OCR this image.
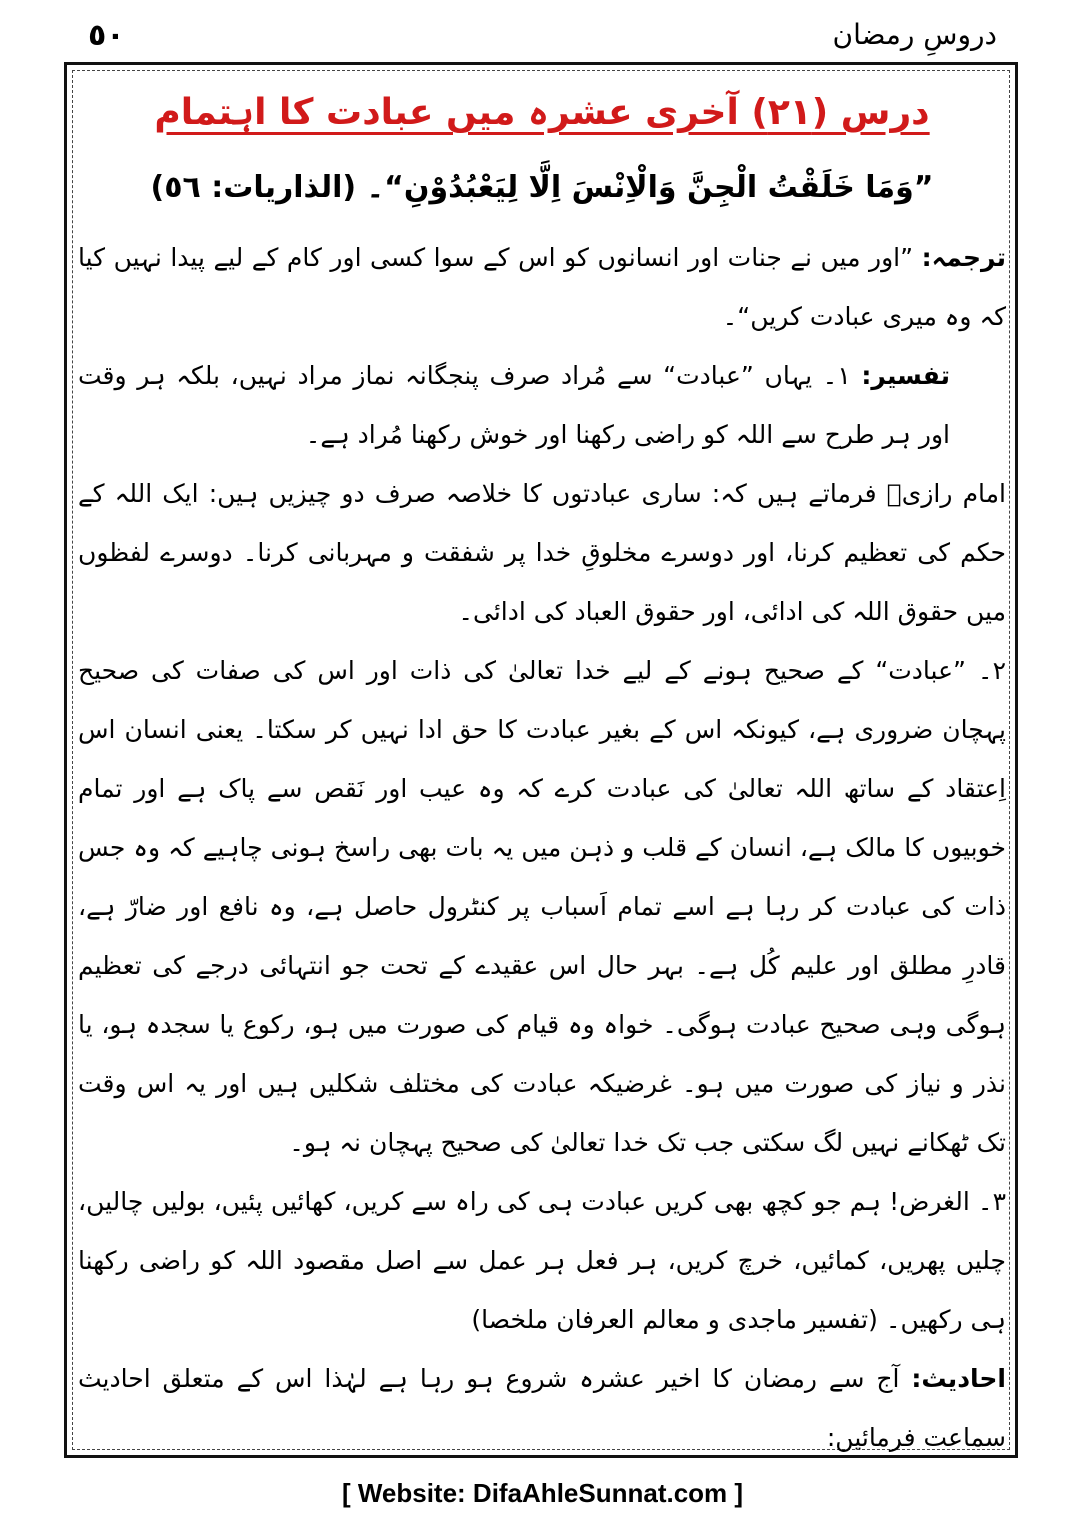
٥٠	دروسِ رمضان
درس (۲۱) آخری عشرہ میں عبادت کا اہتمام
”وَمَا خَلَقْتُ الْجِنَّ وَالْاِنْسَ اِلَّا لِیَعْبُدُوْنِ“۔ (الذاریات: ٥٦)

ترجمہ: ”اور میں نے جنات اور انسانوں کو اس کے سوا کسی اور کام کے لیے پیدا نہیں کیا کہ وہ میری عبادت کریں“۔

تفسیر: ۱۔ یہاں ”عبادت“ سے مُراد صرف پنجگانہ نماز مراد نہیں، بلکہ ہر وقت اور ہر طرح سے اللہ کو راضی رکھنا اور خوش رکھنا مُراد ہے۔

امام رازیؒ فرماتے ہیں کہ: ساری عبادتوں کا خلاصہ صرف دو چیزیں ہیں: ایک اللہ کے حکم کی تعظیم کرنا، اور دوسرے مخلوقِ خدا پر شفقت و مہربانی کرنا۔ دوسرے لفظوں میں حقوق اللہ کی ادائی، اور حقوق العباد کی ادائی۔

۲۔ ”عبادت“ کے صحیح ہونے کے لیے خدا تعالیٰ کی ذات اور اس کی صفات کی صحیح پہچان ضروری ہے، کیونکہ اس کے بغیر عبادت کا حق ادا نہیں کر سکتا۔ یعنی انسان اس اِعتقاد کے ساتھ اللہ تعالیٰ کی عبادت کرے کہ وہ عیب اور نَقص سے پاک ہے اور تمام خوبیوں کا مالک ہے، انسان کے قلب و ذہن میں یہ بات بھی راسخ ہونی چاہیے کہ وہ جس ذات کی عبادت کر رہا ہے اسے تمام اَسباب پر کنٹرول حاصل ہے، وہ نافع اور ضارّ ہے، قادرِ مطلق اور علیم کُل ہے۔ بہر حال اس عقیدے کے تحت جو انتہائی درجے کی تعظیم ہوگی وہی صحیح عبادت ہوگی۔ خواہ وہ قیام کی صورت میں ہو، رکوع یا سجدہ ہو، یا نذر و نیاز کی صورت میں ہو۔ غرضیکہ عبادت کی مختلف شکلیں ہیں اور یہ اس وقت تک ٹھکانے نہیں لگ سکتی جب تک خدا تعالیٰ کی صحیح پہچان نہ ہو۔

۳۔ الغرض! ہم جو کچھ بھی کریں عبادت ہی کی راہ سے کریں، کھائیں پئیں، بولیں چالیں، چلیں پھریں، کمائیں، خرچ کریں، ہر فعل ہر عمل سے اصل مقصود اللہ کو راضی رکھنا ہی رکھیں۔ (تفسیر ماجدی و معالم العرفان ملخصا)

احادیث: آج سے رمضان کا اخیر عشرہ شروع ہو رہا ہے لہٰذا اس کے متعلق احادیث سماعت فرمائیں:

[ Website: DifaAhleSunnat.com ]
